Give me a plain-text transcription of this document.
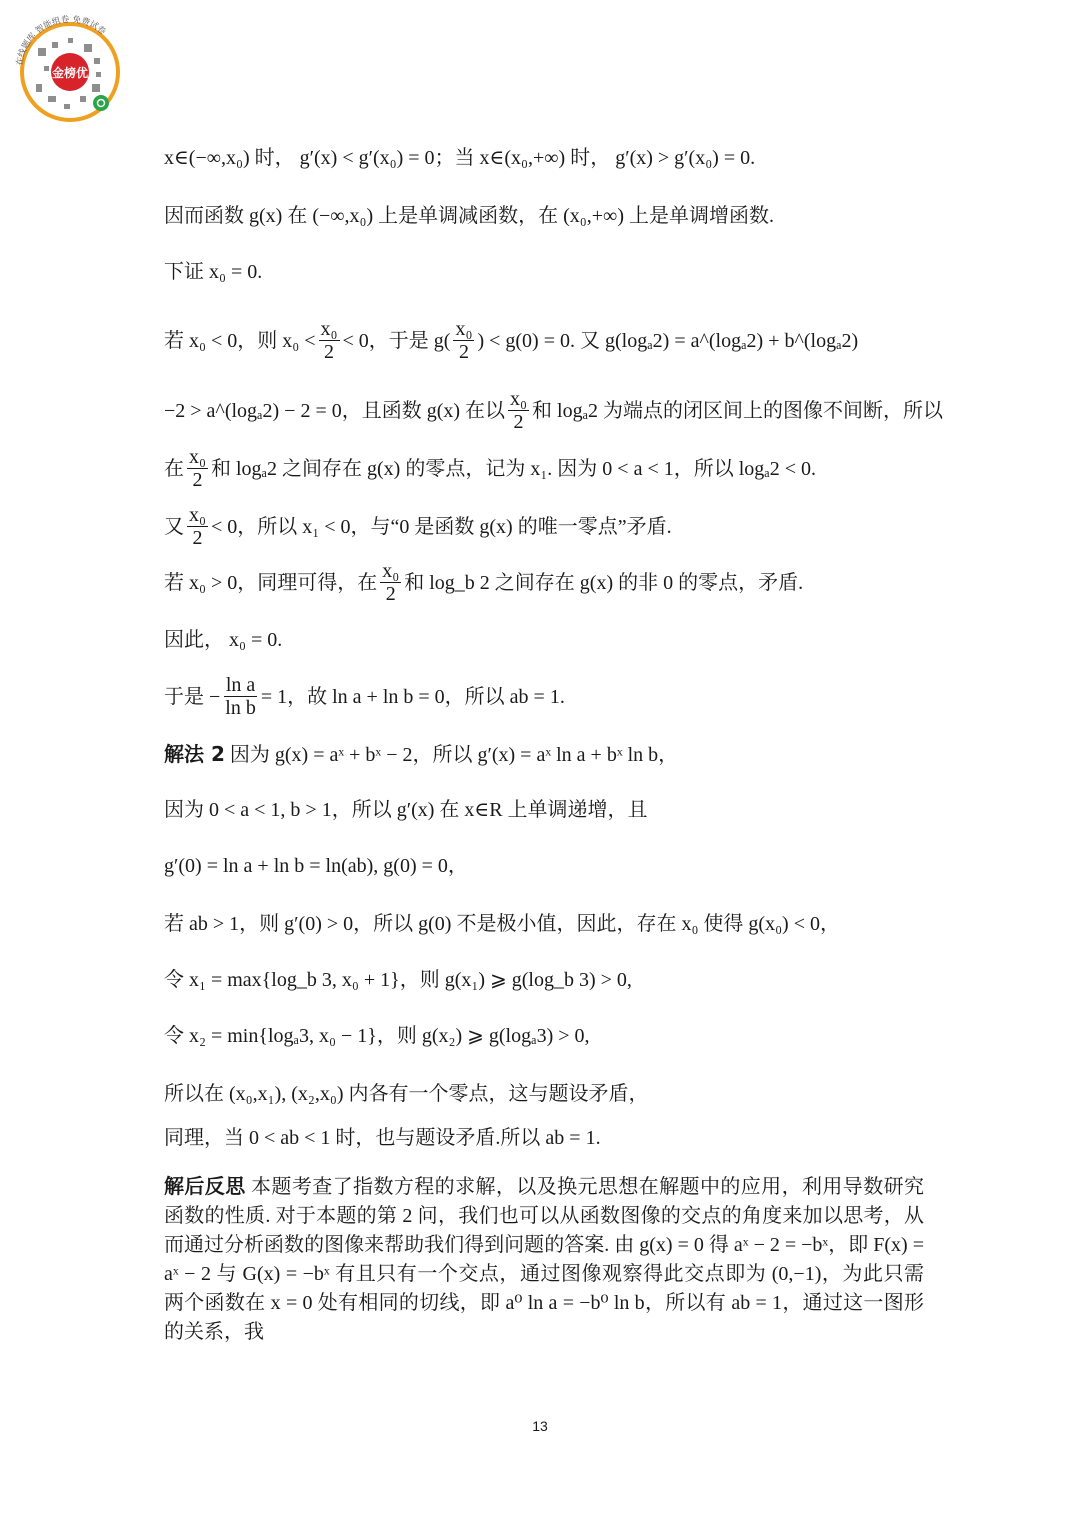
在线题库 智能组卷 免费试卷
金榜优

x∈(−∞,x₀) 时， g′(x) < g′(x₀) = 0；当 x∈(x₀,+∞) 时， g′(x) > g′(x₀) = 0.

因而函数 g(x) 在 (−∞,x₀) 上是单调减函数，在 (x₀,+∞) 上是单调增函数.

下证 x₀ = 0.

若 x₀ < 0，则 $x_0 < \frac{\text{x₀}}{2} < 0$，于是 $g( \frac{\text{x₀}}{2}$ ) < g(0) = 0. 又 g(logₐ2) = a^(logₐ2) + b^(logₐ2)
−2 > a^(logₐ2) − 2 = 0，且函数 g(x) 在以 $\frac{\text{x₀}}{2}$ 和 logₐ2 为端点的闭区间上的图像不间断，所以
在 $\frac{\text{x₀}}{2}$ 和 logₐ2 之间存在 g(x) 的零点，记为 x₁. 因为 0 < a < 1，所以 logₐ2 < 0.
又 $\frac{\text{x₀}}{2} < 0$，所以 x₁ < 0，与“0 是函数 g(x) 的唯一零点”矛盾.
若 x₀ > 0，同理可得，在 $\frac{\text{x₀}}{2}$ 和 log_b 2 之间存在 g(x) 的非 0 的零点，矛盾.

因此， x₀ = 0.

于是 − $\frac{\text{ln a}}{\text{ln b}} = 1$，故 ln a + ln b = 0，所以 ab = 1.

解法 2 因为 g(x) = aˣ + bˣ − 2，所以 g′(x) = aˣ ln a + bˣ ln b，

因为 0 < a < 1, b > 1，所以 g′(x) 在 x∈R 上单调递增，且

g′(0) = ln a + ln b = ln(ab), g(0) = 0，

若 ab > 1，则 g′(0) > 0，所以 g(0) 不是极小值，因此，存在 x₀ 使得 g(x₀) < 0，

令 x₁ = max{log_b 3, x₀ + 1}，则 g(x₁) ⩾ g(log_b 3) > 0,

令 x₂ = min{logₐ3, x₀ − 1}，则 g(x₂) ⩾ g(logₐ3) > 0,

所以在 (x₀,x₁), (x₂,x₀) 内各有一个零点，这与题设矛盾，

同理，当 0 < ab < 1 时，也与题设矛盾.所以 ab = 1.

解后反思 本题考查了指数方程的求解，以及换元思想在解题中的应用，利用导数研究函数的性质. 对于本题的第 2 问，我们也可以从函数图像的交点的角度来加以思考，从而通过分析函数的图像来帮助我们得到问题的答案. 由 g(x) = 0 得 aˣ − 2 = −bˣ，即 F(x) = aˣ − 2 与 G(x) = −bˣ 有且只有一个交点，通过图像观察得此交点即为 (0,−1)，为此只需两个函数在 x = 0 处有相同的切线，即 a⁰ ln a = −b⁰ ln b，所以有 ab = 1，通过这一图形的关系，我

13
